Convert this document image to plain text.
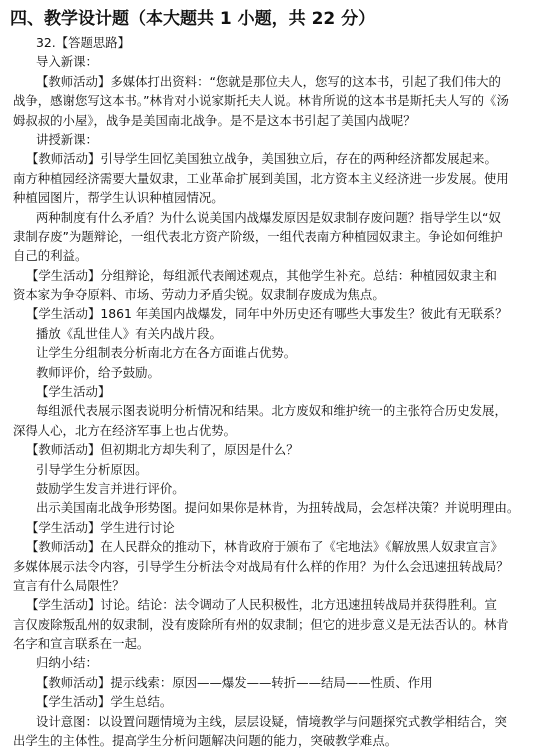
四、教学设计题（本大题共 1 小题，共 22 分）
32.【答题思路】
导入新课：
【教师活动】多媒体打出资料：“您就是那位夫人，您写的这本书，引起了我们伟大的
战争，感谢您写这本书。”林肯对小说家斯托夫人说。林肯所说的这本书是斯托夫人写的《汤
姆叔叔的小屋》，战争是美国南北战争。是不是这本书引起了美国内战呢？
讲授新课：
【教师活动】引导学生回忆美国独立战争，美国独立后，存在的两种经济都发展起来。
南方种植园经济需要大量奴隶，工业革命扩展到美国，北方资本主义经济进一步发展。使用
种植园图片，帮学生认识种植园情况。
两种制度有什么矛盾？为什么说美国内战爆发原因是奴隶制存废问题？指导学生以“奴
隶制存废”为题辩论，一组代表北方资产阶级，一组代表南方种植园奴隶主。争论如何维护
自己的利益。
【学生活动】分组辩论，每组派代表阐述观点，其他学生补充。总结：种植园奴隶主和
资本家为争夺原料、市场、劳动力矛盾尖锐。奴隶制存废成为焦点。
【学生活动】1861 年美国内战爆发，同年中外历史还有哪些大事发生？彼此有无联系？
播放《乱世佳人》有关内战片段。
让学生分组制表分析南北方在各方面谁占优势。
教师评价，给予鼓励。
【学生活动】
每组派代表展示图表说明分析情况和结果。北方废奴和维护统一的主张符合历史发展，
深得人心，北方在经济军事上也占优势。
【教师活动】但初期北方却失利了，原因是什么？
引导学生分析原因。
鼓励学生发言并进行评价。
出示美国南北战争形势图。提问如果你是林肯，为扭转战局，会怎样决策？并说明理由。
【学生活动】学生进行讨论
【教师活动】在人民群众的推动下，林肯政府于颁布了《宅地法》《解放黑人奴隶宣言》
多媒体展示法令内容，引导学生分析法令对战局有什么样的作用？为什么会迅速扭转战局？
宣言有什么局限性？
【学生活动】讨论。结论：法令调动了人民积极性，北方迅速扭转战局并获得胜利。宣
言仅废除叛乱州的奴隶制，没有废除所有州的奴隶制；但它的进步意义是无法否认的。林肯
名字和宣言联系在一起。
归纳小结：
【教师活动】提示线索：原因——爆发——转折——结局——性质、作用
【学生活动】学生总结。
设计意图：以设置问题情境为主线，层层设疑，情境教学与问题探究式教学相结合，突
出学生的主体性。提高学生分析问题解决问题的能力，突破教学难点。
